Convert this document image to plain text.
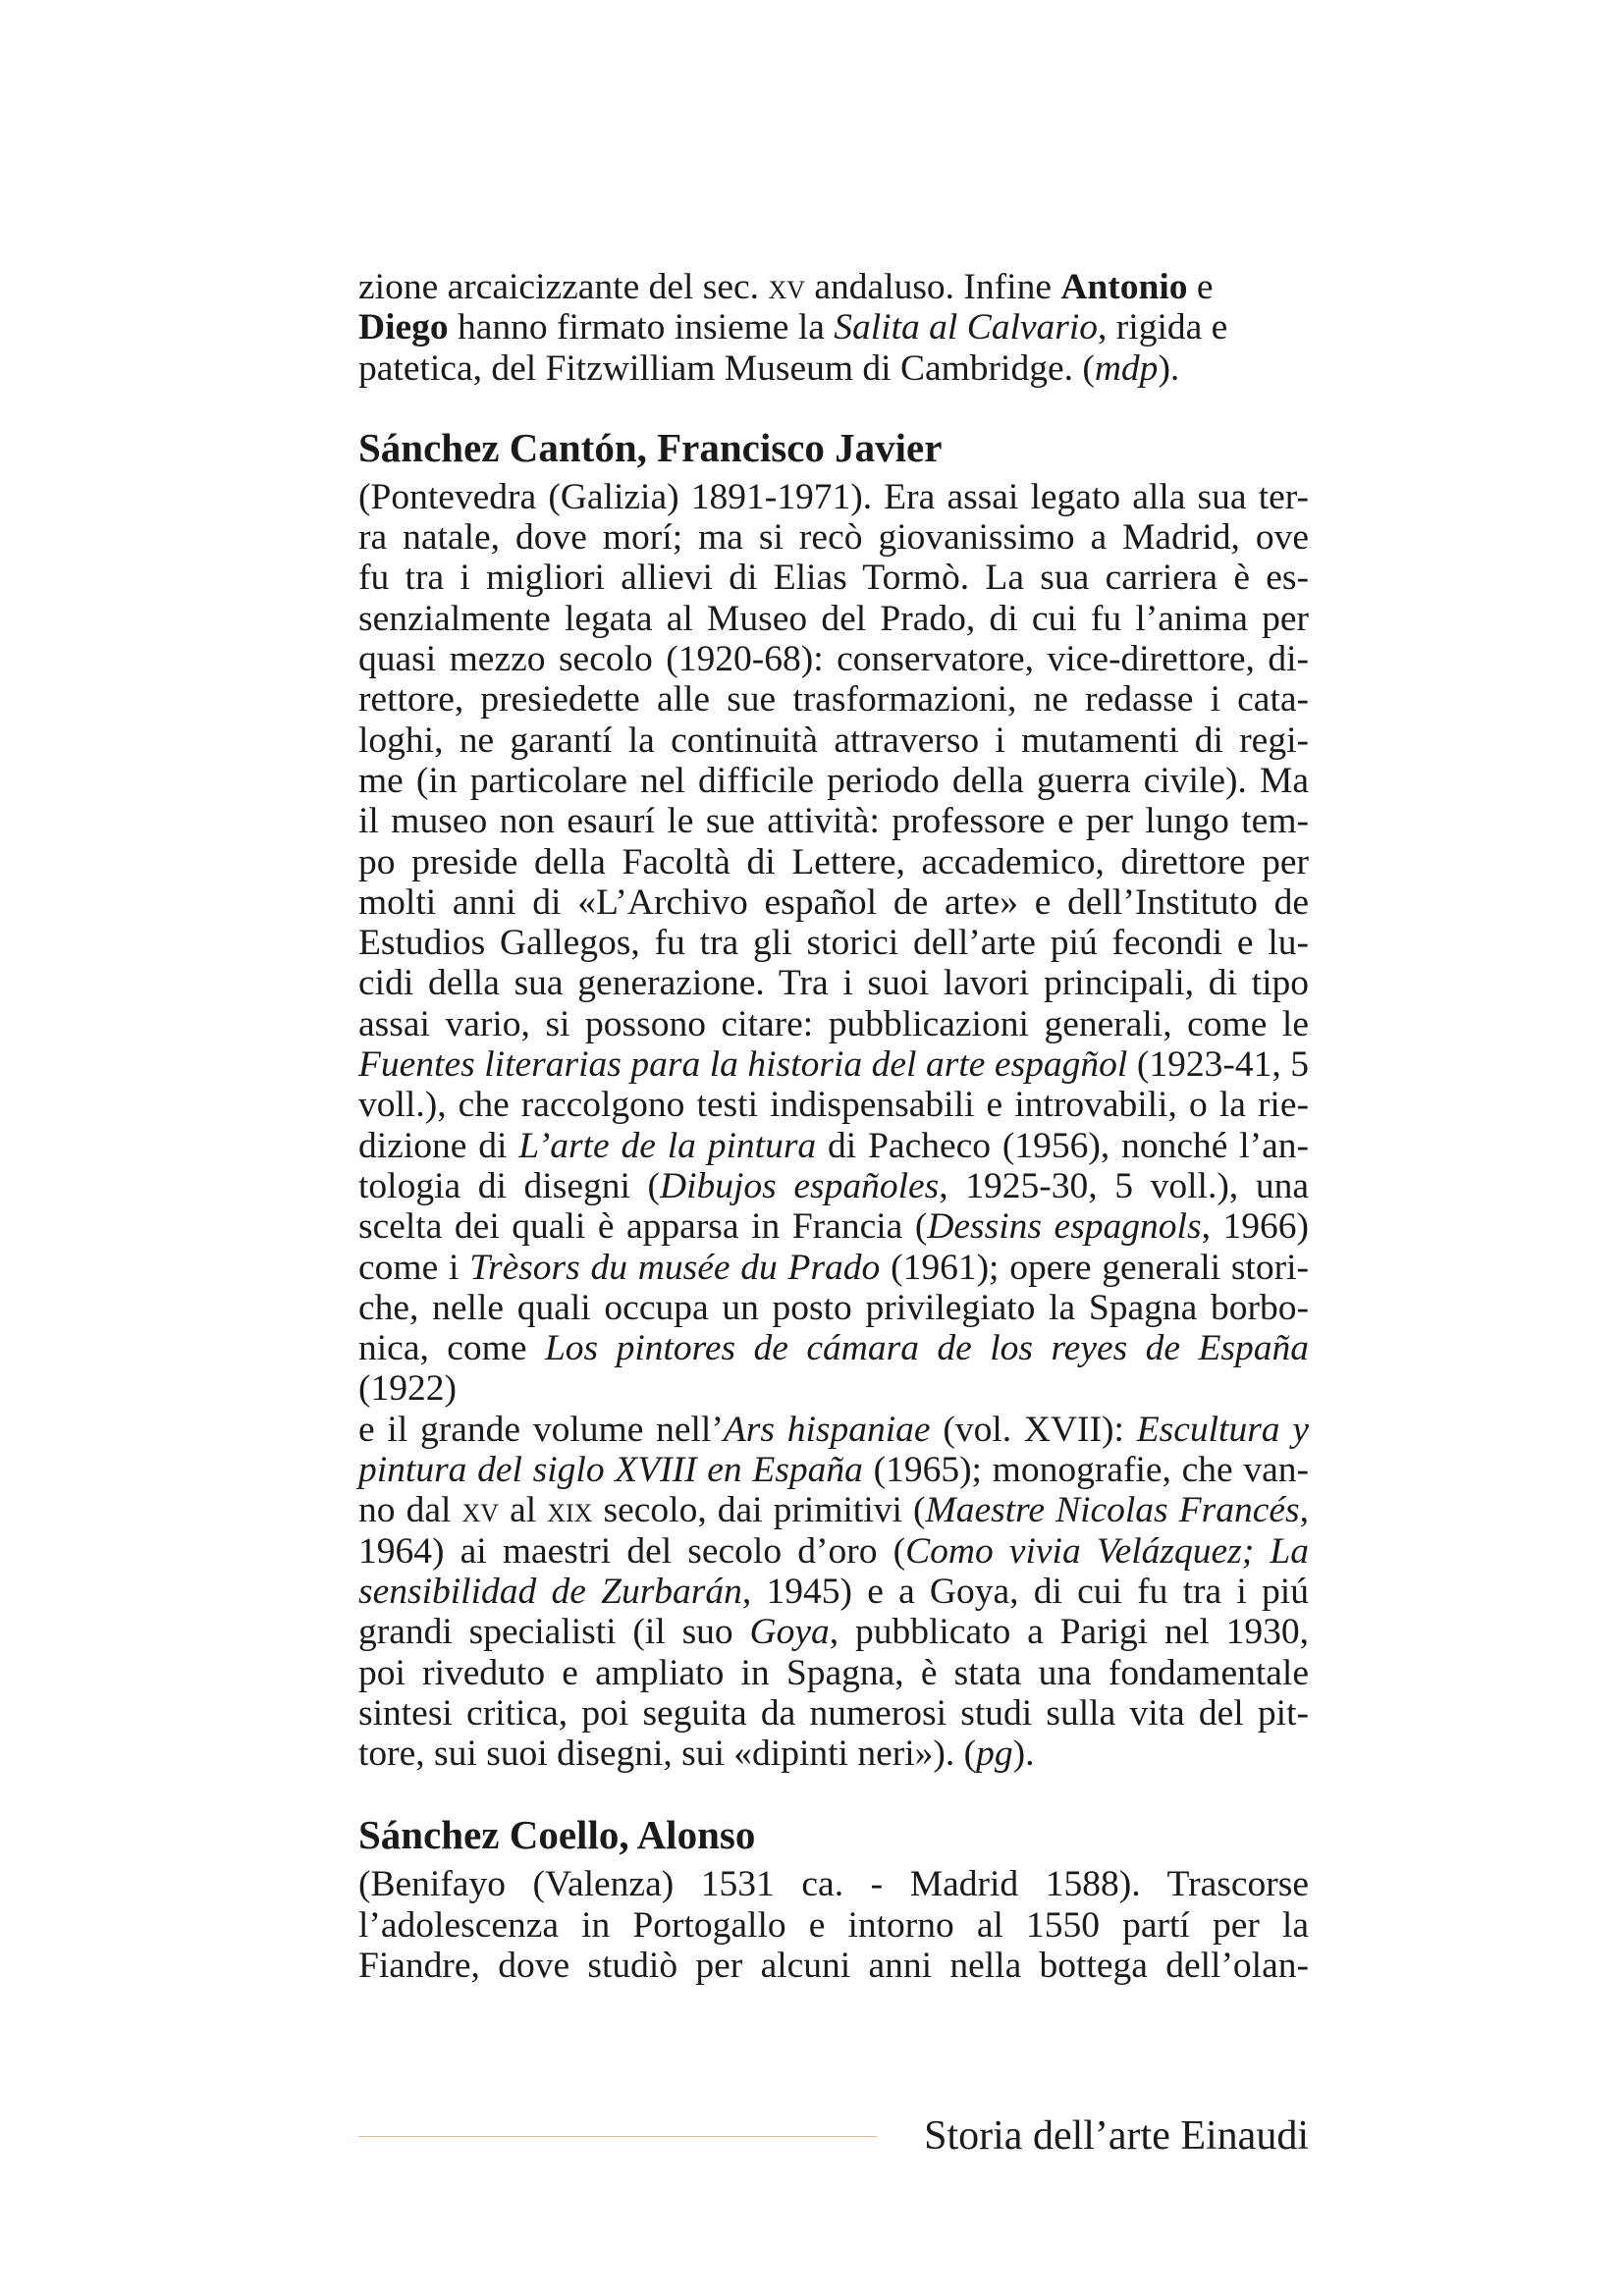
zione arcaicizzante del sec. xv andaluso. Infine Antonio e
Diego hanno firmato insieme la Salita al Calvario, rigida e
patetica, del Fitzwilliam Museum di Cambridge. (mdp).

Sánchez Cantón, Francisco Javier

(Pontevedra (Galizia) 1891-1971). Era assai legato alla sua ter-
ra natale, dove morí; ma si recò giovanissimo a Madrid, ove
fu tra i migliori allievi di Elias Tormò. La sua carriera è es-
senzialmente legata al Museo del Prado, di cui fu l’anima per
quasi mezzo secolo (1920-68): conservatore, vice-direttore, di-
rettore, presiedette alle sue trasformazioni, ne redasse i cata-
loghi, ne garantí la continuità attraverso i mutamenti di regi-
me (in particolare nel difficile periodo della guerra civile). Ma
il museo non esaurí le sue attività: professore e per lungo tem-
po preside della Facoltà di Lettere, accademico, direttore per
molti anni di «L’Archivo español de arte» e dell’Instituto de
Estudios Gallegos, fu tra gli storici dell’arte piú fecondi e lu-
cidi della sua generazione. Tra i suoi lavori principali, di tipo
assai vario, si possono citare: pubblicazioni generali, come le
Fuentes literarias para la historia del arte espagñol (1923-41, 5
voll.), che raccolgono testi indispensabili e introvabili, o la rie-
dizione di L’arte de la pintura di Pacheco (1956), nonché l’an-
tologia di disegni (Dibujos españoles, 1925-30, 5 voll.), una
scelta dei quali è apparsa in Francia (Dessins espagnols, 1966)
come i Trèsors du musée du Prado (1961); opere generali stori-
che, nelle quali occupa un posto privilegiato la Spagna borbo-
nica, come Los pintores de cámara de los reyes de España (1922)
e il grande volume nell’Ars hispaniae (vol. XVII): Escultura y
pintura del siglo XVIII en España (1965); monografie, che van-
no dal xv al xix secolo, dai primitivi (Maestre Nicolas Francés,
1964) ai maestri del secolo d’oro (Como vivia Velázquez; La
sensibilidad de Zurbarán, 1945) e a Goya, di cui fu tra i piú
grandi specialisti (il suo Goya, pubblicato a Parigi nel 1930,
poi riveduto e ampliato in Spagna, è stata una fondamentale
sintesi critica, poi seguita da numerosi studi sulla vita del pit-
tore, sui suoi disegni, sui «dipinti neri»). (pg).

Sánchez Coello, Alonso

(Benifayo (Valenza) 1531 ca. - Madrid 1588). Trascorse
l’adolescenza in Portogallo e intorno al 1550 partí per la
Fiandre, dove studiò per alcuni anni nella bottega dell’olan-

Storia dell’arte Einaudi
